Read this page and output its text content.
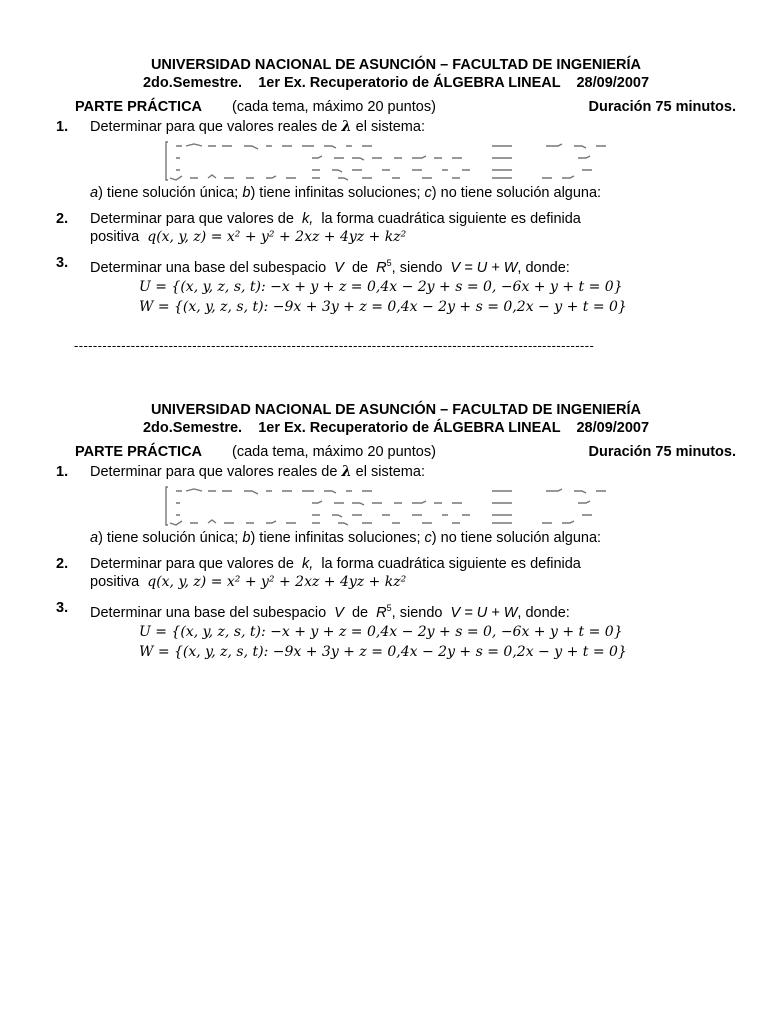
UNIVERSIDAD NACIONAL DE ASUNCIÓN – FACULTAD DE INGENIERÍA
2do.Semestre. 1er Ex. Recuperatorio de ÁLGEBRA LINEAL 28/09/2007
PARTE PRÁCTICA (cada tema, máximo 20 puntos)	Duración 75 minutos.
1.	Determinar para que valores reales de λ el sistema:
a) tiene solución única; b) tiene infinitas soluciones; c) no tiene solución alguna:
2.	Determinar para que valores de k, la forma cuadrática siguiente es definida
positiva q(x, y, z) = x² + y² + 2xz + 4yz + kz²
3.	Determinar una base del subespacio V de $R^5$, siendo V = U + W, donde:
U = {(x, y, z, s, t): −x + y + z = 0,4x − 2y + s = 0, −6x + y + t = 0}
W = {(x, y, z, s, t): −9x + 3y + z = 0,4x − 2y + s = 0,2x − y + t = 0}
--------------------------------------------------------------------------------------------------------------
UNIVERSIDAD NACIONAL DE ASUNCIÓN – FACULTAD DE INGENIERÍA
2do.Semestre. 1er Ex. Recuperatorio de ÁLGEBRA LINEAL 28/09/2007
PARTE PRÁCTICA (cada tema, máximo 20 puntos)	Duración 75 minutos.
1.	Determinar para que valores reales de λ el sistema:
a) tiene solución única; b) tiene infinitas soluciones; c) no tiene solución alguna:
2.	Determinar para que valores de k, la forma cuadrática siguiente es definida
positiva q(x, y, z) = x² + y² + 2xz + 4yz + kz²
3.	Determinar una base del subespacio V de $R^5$, siendo V = U + W, donde:
U = {(x, y, z, s, t): −x + y + z = 0,4x − 2y + s = 0, −6x + y + t = 0}
W = {(x, y, z, s, t): −9x + 3y + z = 0,4x − 2y + s = 0,2x − y + t = 0}
